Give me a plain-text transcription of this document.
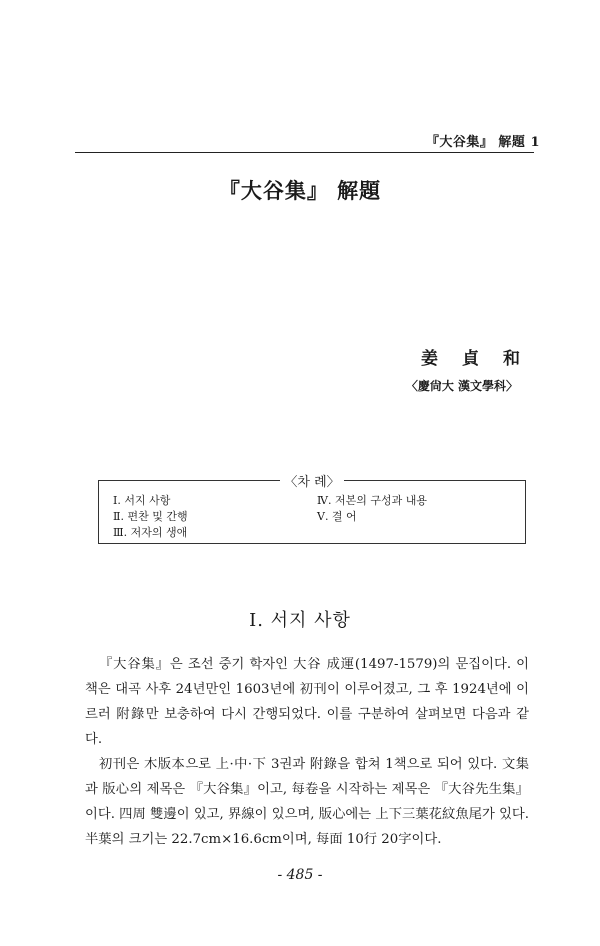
『大谷集』 解題 1
『大谷集』 解題
姜貞和
〈慶尙大 漢文學科〉
〈차 례〉
Ⅰ. 서지 사항
Ⅱ. 편찬 및 간행
Ⅲ. 저자의 생애
Ⅳ. 저본의 구성과 내용
Ⅴ. 결 어
Ⅰ. 서지 사항

『大谷集』은 조선 중기 학자인 大谷 成運(1497-1579)의 문집이다. 이 책은 대곡 사후 24년만인 1603년에 初刊이 이루어졌고, 그 후 1924년에 이르러 附錄만 보충하여 다시 간행되었다. 이를 구분하여 살펴보면 다음과 같다.

初刊은 木版本으로 上·中·下 3권과 附錄을 합쳐 1책으로 되어 있다. 文集과 版心의 제목은 『大谷集』이고, 每卷을 시작하는 제목은 『大谷先生集』이다. 四周 雙邊이 있고, 界線이 있으며, 版心에는 上下三葉花紋魚尾가 있다. 半葉의 크기는 22.7cm×16.6cm이며, 每面 10行 20字이다.

- 485 -
